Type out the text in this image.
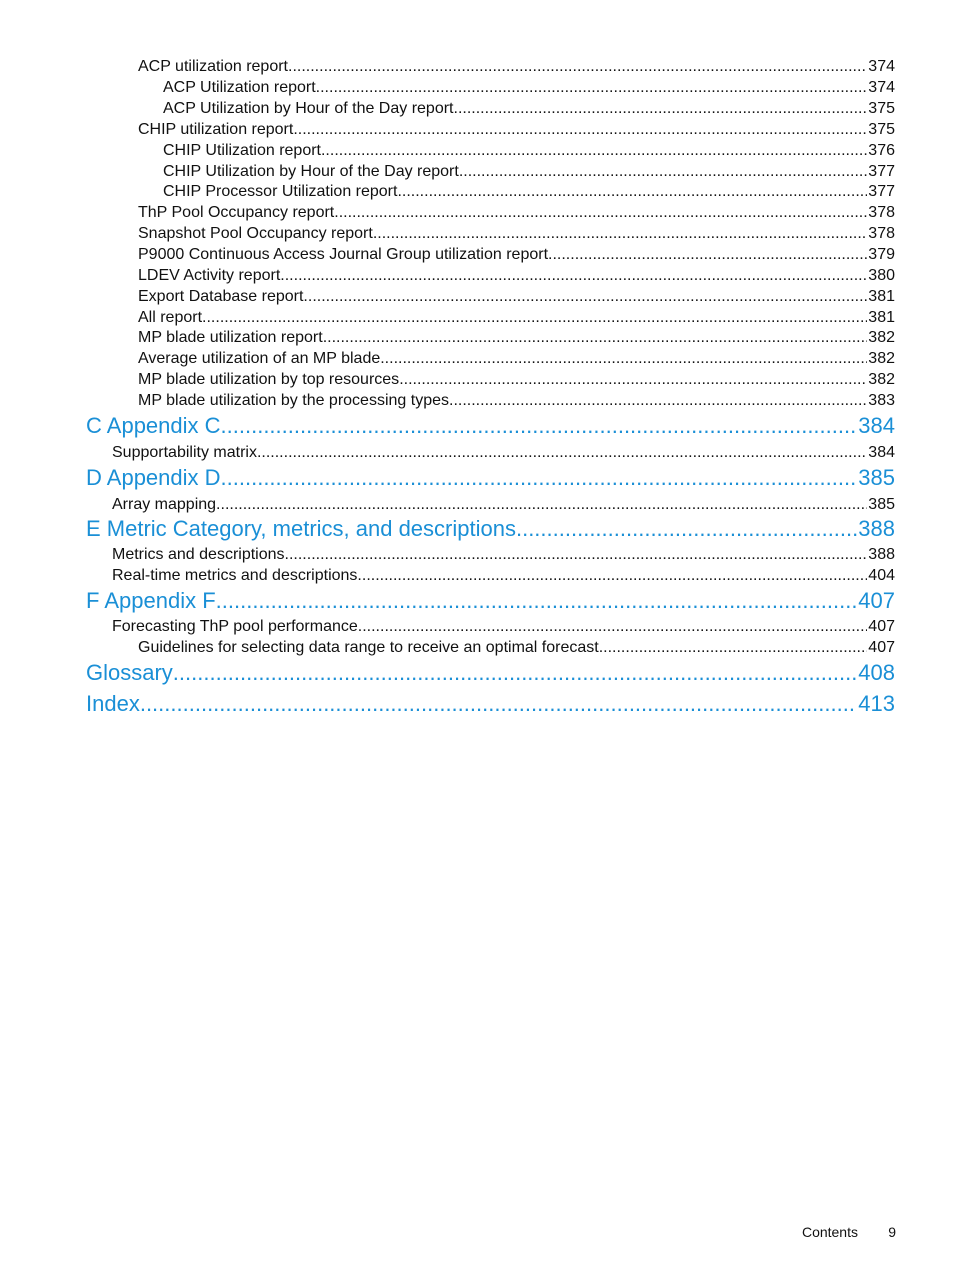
ACP utilization report .....	374
ACP Utilization report .....	374
ACP Utilization by Hour of the Day report .....	375
CHIP utilization report .....	375
CHIP Utilization report .....	376
CHIP Utilization by Hour of the Day report .....	377
CHIP Processor Utilization report .....	377
ThP Pool Occupancy report .....	378
Snapshot Pool Occupancy report .....	378
P9000 Continuous Access Journal Group utilization report .....	379
LDEV Activity report .....	380
Export Database report .....	381
All report .....	381
MP blade utilization report .....	382
Average utilization of an MP blade .....	382
MP blade utilization by top resources .....	382
MP blade utilization by the processing types .....	383
C Appendix C .....	384
Supportability matrix .....	384
D Appendix D .....	385
Array mapping .....	385
E Metric Category, metrics, and descriptions .....	388
Metrics and descriptions .....	388
Real-time metrics and descriptions .....	404
F Appendix F .....	407
Forecasting ThP pool performance .....	407
Guidelines for selecting data range to receive an optimal forecast .....	407
Glossary .....	408
Index .....	413
Contents 9
